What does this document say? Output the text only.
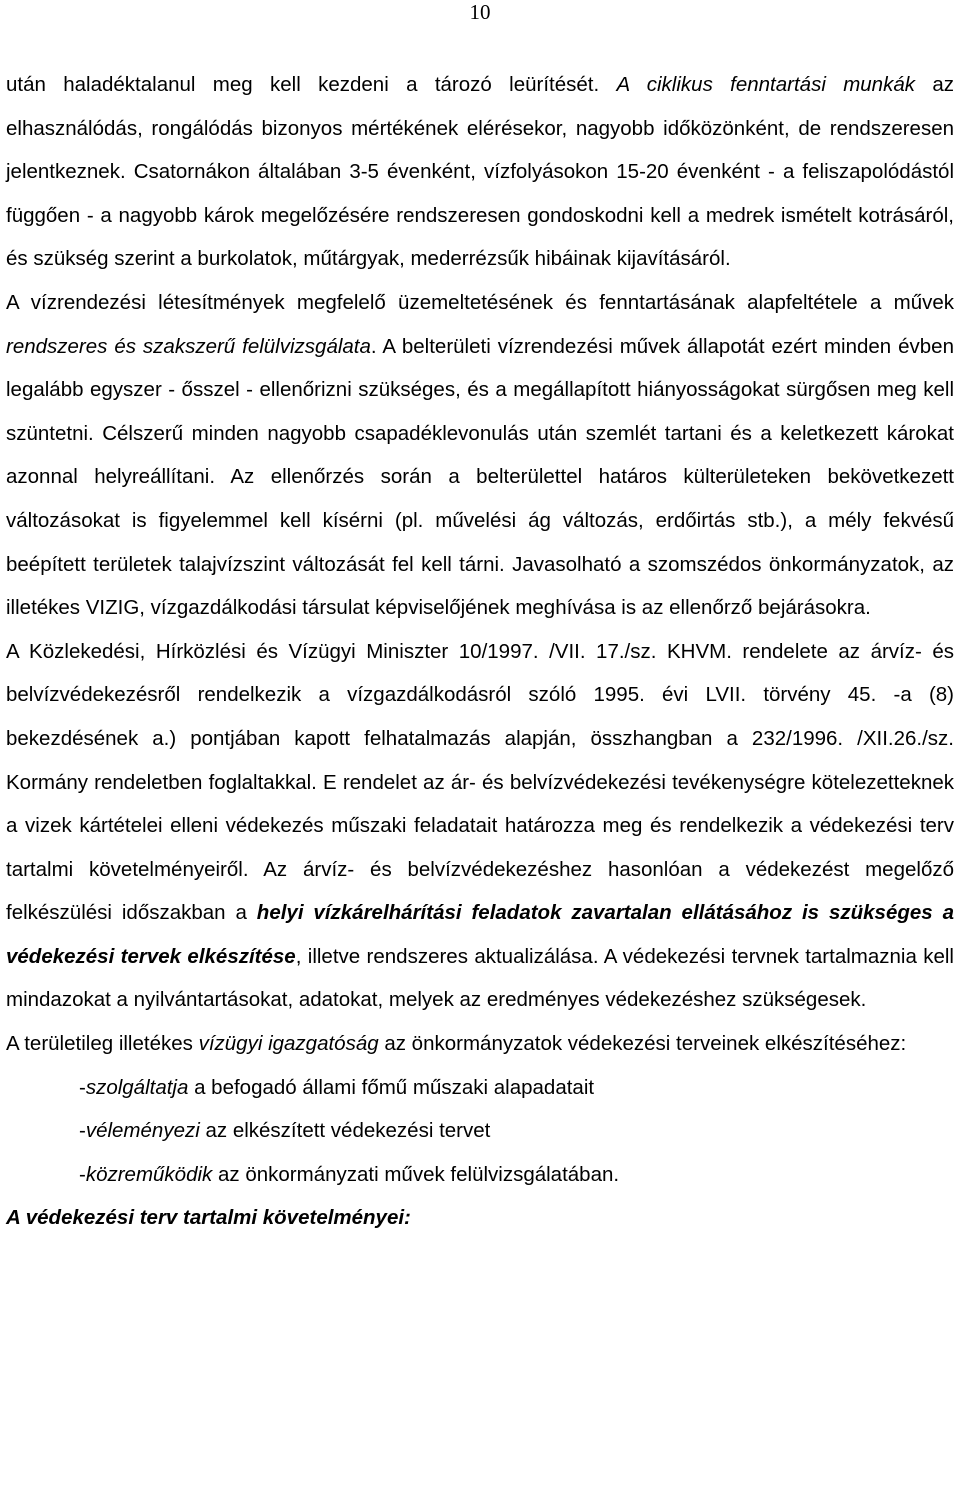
10

után haladéktalanul meg kell kezdeni a tározó leürítését. A ciklikus fenntartási munkák az elhasználódás, rongálódás bizonyos mértékének elérésekor, nagyobb időközönként, de rendszeresen jelentkeznek. Csatornákon általában 3-5 évenként, vízfolyásokon 15-20 évenként - a feliszapolódástól függően - a nagyobb károk megelőzésére rendszeresen gondoskodni kell a medrek ismételt kotrásáról, és szükség szerint a burkolatok, műtárgyak, mederrézsűk hibáinak kijavításáról.

A vízrendezési létesítmények megfelelő üzemeltetésének és fenntartásának alapfeltétele a művek rendszeres és szakszerű felülvizsgálata. A belterületi vízrendezési művek állapotát ezért minden évben legalább egyszer - ősszel - ellenőrizni szükséges, és a megállapított hiányosságokat sürgősen meg kell szüntetni. Célszerű minden nagyobb csapadéklevonulás után szemlét tartani és a keletkezett károkat azonnal helyreállítani. Az ellenőrzés során a belterülettel határos külterületeken bekövetkezett változásokat is figyelemmel kell kísérni (pl. művelési ág változás, erdőirtás stb.), a mély fekvésű beépített területek talajvízszint változását fel kell tárni. Javasolható a szomszédos önkormányzatok, az illetékes VIZIG, vízgazdálkodási társulat képviselőjének meghívása is az ellenőrző bejárásokra.

A Közlekedési, Hírközlési és Vízügyi Miniszter 10/1997. /VII. 17./sz. KHVM. rendelete az árvíz- és belvízvédekezésről rendelkezik a vízgazdálkodásról szóló 1995. évi LVII. törvény 45. -a (8) bekezdésének a.) pontjában kapott felhatalmazás alapján, összhangban a 232/1996. /XII.26./sz. Kormány rendeletben foglaltakkal. E rendelet az ár- és belvízvédekezési tevékenységre kötelezetteknek a vizek kártételei elleni védekezés műszaki feladatait határozza meg és rendelkezik a védekezési terv tartalmi követelményeiről. Az árvíz- és belvízvédekezéshez hasonlóan a védekezést megelőző felkészülési időszakban a helyi vízkárelhárítási feladatok zavartalan ellátásához is szükséges a védekezési tervek elkészítése, illetve rendszeres aktualizálása. A védekezési tervnek tartalmaznia kell mindazokat a nyilvántartásokat, adatokat, melyek az eredményes védekezéshez szükségesek.

A területileg illetékes vízügyi igazgatóság az önkormányzatok védekezési terveinek elkészítéséhez:

-szolgáltatja a befogadó állami főmű műszaki alapadatait

-véleményezi az elkészített védekezési tervet

-közreműködik az önkormányzati művek felülvizsgálatában.

A védekezési terv tartalmi követelményei:
